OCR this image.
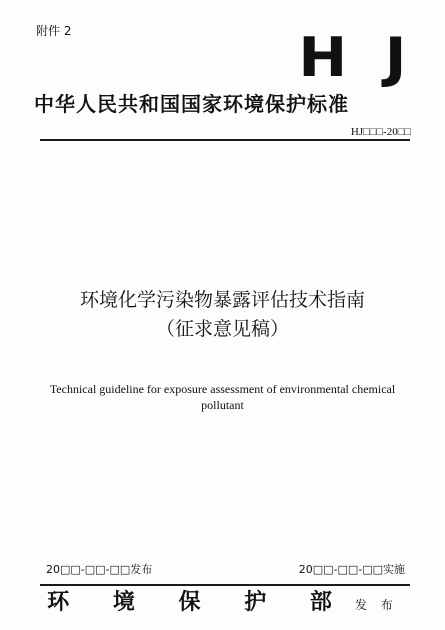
附件 2	H J
中华人民共和国国家环境保护标准
HJ□□□-20□□
环境化学污染物暴露评估技术指南
（征求意见稿）
Technical guideline for exposure assessment of environmental chemical pollutant
20□□-□□-□□发布	20□□-□□-□□实施
环 境 保 护 部 发 布
